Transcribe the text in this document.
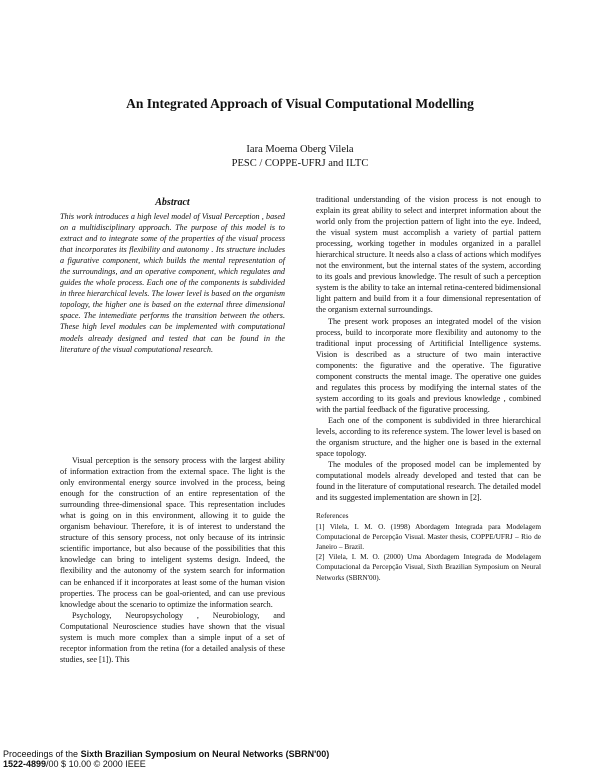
An Integrated Approach of Visual Computational Modelling
Iara Moema Oberg Vilela
PESC / COPPE-UFRJ and ILTC
Abstract

This work introduces a high level model of Visual Perception , based on a multidisciplinary approach. The purpose of this model is to extract and to integrate some of the properties of the visual process that incorporates its flexibility and autonomy . Its structure includes a figurative component, which builds the mental representation of the surroundings, and an operative component, which regulates and guides the whole process. Each one of the components is subdivided in three hierarchical levels. The lower level is based on the organism topology, the higher one is based on the external three dimensional space. The intemediate performs the transition between the others. These high level modules can be implemented with computational models already designed and tested that can be found in the literature of the visual computational research.

Visual perception is the sensory process with the largest ability of information extraction from the external space. The light is the only environmental energy source involved in the process, being enough for the construction of an entire representation of the surrounding three-dimensional space. This representation includes what is going on in this environment, allowing it to guide the organism behaviour. Therefore, it is of interest to understand the structure of this sensory process, not only because of its intrinsic scientific importance, but also because of the possibilities that this knowledge can bring to inteligent systems design. Indeed, the flexibility and the autonomy of the system search for information can be enhanced if it incorporates at least some of the human vision properties. The process can be goal-oriented, and can use previous knowledge about the scenario to optimize the information search.

Psychology, Neuropsychology , Neurobiology, and Computational Neuroscience studies have shown that the visual system is much more complex than a simple input of a set of receptor information from the retina (for a detailed analysis of these studies, see [1]). This

traditional understanding of the vision process is not enough to explain its great ability to select and interpret information about the world only from the projection pattern of light into the eye. Indeed, the visual system must accomplish a variety of partial pattern processing, working together in modules organized in a parallel hierarchical structure. It needs also a class of actions which modifyes not the environment, but the internal states of the system, according to its goals and previous knowledge. The result of such a perception system is the ability to take an internal retina-centered bidimensional light pattern and build from it a four dimensional representation of the organism external surroundings.

The present work proposes an integrated model of the vision process, build to incorporate more flexibility and autonomy to the traditional input processing of Artitificial Intelligence systems. Vision is described as a structure of two main interactive components: the figurative and the operative. The figurative component constructs the mental image. The operative one guides and regulates this process by modifying the internal states of the system according to its goals and previous knowledge , combined with the partial feedback of the figurative processing.

Each one of the component is subdivided in three hierarchical levels, according to its reference system. The lower level is based on the organism structure, and the higher one is based in the external space topology.

The modules of the proposed model can be implemented by computational models already developed and tested that can be found in the literature of computational research. The detailed model and its suggested implementation are shown in [2].

References

[1] Vilela, I. M. O. (1998) Abordagem Integrada para Modelagem Computacional de Percepção Visual. Master thesis, COPPE/UFRJ – Rio de Janeiro – Brazil.

[2] Vilela, I. M. O. (2000) Uma Abordagem Integrada de Modelagem Computacional da Percepção Visual, Sixth Brazilian Symposium on Neural Networks (SBRN'00).

Proceedings of the Sixth Brazilian Symposium on Neural Networks (SBRN'00)
1522-4899/00 $ 10.00 © 2000 IEEE
